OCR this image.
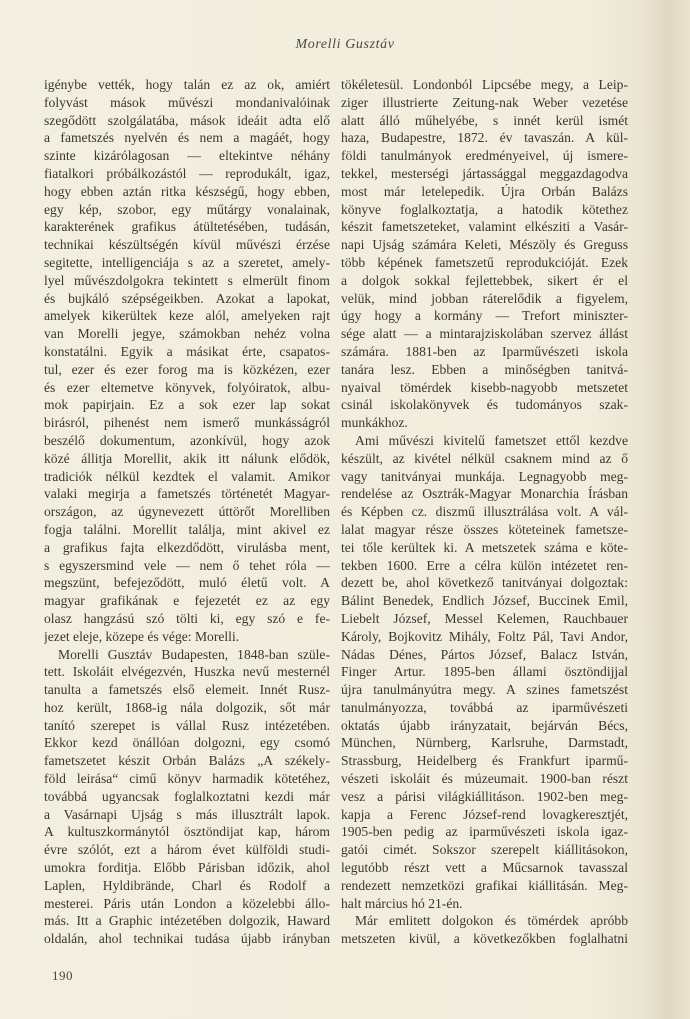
Morelli Gusztáv
igénybe vették, hogy talán ez az ok, amiért
folyvást mások művészi mondanivalóinak
szegődött szolgálatába, mások ideáit adta elő
a fametszés nyelvén és nem a magáét, hogy
szinte kizárólagosan — eltekintve néhány
fiatalkori próbálkozástól — reprodukált, igaz,
hogy ebben aztán ritka készségű, hogy ebben,
egy kép, szobor, egy műtárgy vonalainak,
karakterének grafikus átültetésében, tudásán,
technikai készültségén kívül művészi érzése
segitette, intelligenciája s az a szeretet, amely-
lyel művészdolgokra tekintett s elmerült finom
és bujkáló szépségeikben. Azokat a lapokat,
amelyek kikerültek keze alól, amelyeken rajt
van Morelli jegye, számokban nehéz volna
konstatálni. Egyik a másikat érte, csapatos-
tul, ezer és ezer forog ma is közkézen, ezer
és ezer eltemetve könyvek, folyóiratok, albu-
mok papirjain. Ez a sok ezer lap sokat
birásról, pihenést nem ismerő munkásságról
beszélő dokumentum, azonkívül, hogy azok
közé állitja Morellit, akik itt nálunk elődök,
tradiciók nélkül kezdtek el valamit. Amikor
valaki megirja a fametszés történetét Magyar-
országon, az úgynevezett úttörőt Morelliben
fogja találni. Morellit találja, mint akivel ez
a grafikus fajta elkezdődött, virulásba ment,
s egyszersmind vele — nem ő tehet róla —
megszünt, befejeződött, muló életű volt. A
magyar grafikának e fejezetét ez az egy
olasz hangzású szó tölti ki, egy szó e fe-
jezet eleje, közepe és vége: Morelli.
Morelli Gusztáv Budapesten, 1848-ban szüle-
tett. Iskoláit elvégezvén, Huszka nevű mesternél
tanulta a fametszés első elemeit. Innét Rusz-
hoz került, 1868-ig nála dolgozik, sőt már
tanító szerepet is vállal Rusz intézetében.
Ekkor kezd önállóan dolgozni, egy csomó
fametszetet készit Orbán Balázs „A székely-
föld leirása“ cimű könyv harmadik kötetéhez,
továbbá ugyancsak foglalkoztatni kezdi már
a Vasárnapi Ujság s más illusztrált lapok.
A kultuszkormánytól ösztöndijat kap, három
évre szólót, ezt a három évet külföldi studi-
umokra forditja. Előbb Párisban időzik, ahol
Laplen, Hyldibrände, Charl és Rodolf a
mesterei. Páris után London a közelebbi állo-
más. Itt a Graphic intézetében dolgozik, Haward
oldalán, ahol technikai tudása újabb irányban
tökéletesül. Londonból Lipcsébe megy, a Leip-
ziger illustrierte Zeitung-nak Weber vezetése
alatt álló műhelyébe, s innét kerül ismét
haza, Budapestre, 1872. év tavaszán. A kül-
földi tanulmányok eredményeivel, új ismere-
tekkel, mesterségi jártassággal meggazdagodva
most már letelepedik. Újra Orbán Balázs
könyve foglalkoztatja, a hatodik kötethez
készit fametszeteket, valamint elkésziti a Vasár-
napi Ujság számára Keleti, Mészöly és Greguss
több képének fametszetű reprodukcióját. Ezek
a dolgok sokkal fejlettebbek, sikert ér el
velük, mind jobban ráterelődik a figyelem,
úgy hogy a kormány — Trefort miniszter-
sége alatt — a mintarajziskolában szervez állást
számára. 1881-ben az Iparművészeti iskola
tanára lesz. Ebben a minőségben tanitvá-
nyaival tömérdek kisebb-nagyobb metszetet
csinál iskolakönyvek és tudományos szak-
munkákhoz.
Ami művészi kivitelű fametszet ettől kezdve
készült, az kivétel nélkül csaknem mind az ő
vagy tanitványai munkája. Legnagyobb meg-
rendelése az Osztrák-Magyar Monarchia Írásban
és Képben cz. diszmű illusztrálása volt. A vál-
lalat magyar része összes köteteinek fametsze-
tei tőle kerültek ki. A metszetek száma e köte-
tekben 1600. Erre a célra külön intézetet ren-
dezett be, ahol következő tanitványai dolgoztak:
Bálint Benedek, Endlich József, Buccinek Emil,
Liebelt József, Messel Kelemen, Rauchbauer
Károly, Bojkovitz Mihály, Foltz Pál, Tavi Andor,
Nádas Dénes, Pártos József, Balacz István,
Finger Artur. 1895-ben állami ösztöndijjal
újra tanulmányútra megy. A szines fametszést
tanulmányozza, továbbá az iparművészeti
oktatás újabb irányzatait, bejárván Bécs,
München, Nürnberg, Karlsruhe, Darmstadt,
Strassburg, Heidelberg és Frankfurt iparmű-
vészeti iskoláit és múzeumait. 1900-ban részt
vesz a párisi világkiállitáson. 1902-ben meg-
kapja a Ferenc József-rend lovagkeresztjét,
1905-ben pedig az iparművészeti iskola igaz-
gatói cimét. Sokszor szerepelt kiállitásokon,
legutóbb részt vett a Műcsarnok tavasszal
rendezett nemzetközi grafikai kiállitásán. Meg-
halt március hó 21-én.
Már emlitett dolgokon és tömérdek apróbb
metszeten kivül, a következőkben foglalhatni
190
